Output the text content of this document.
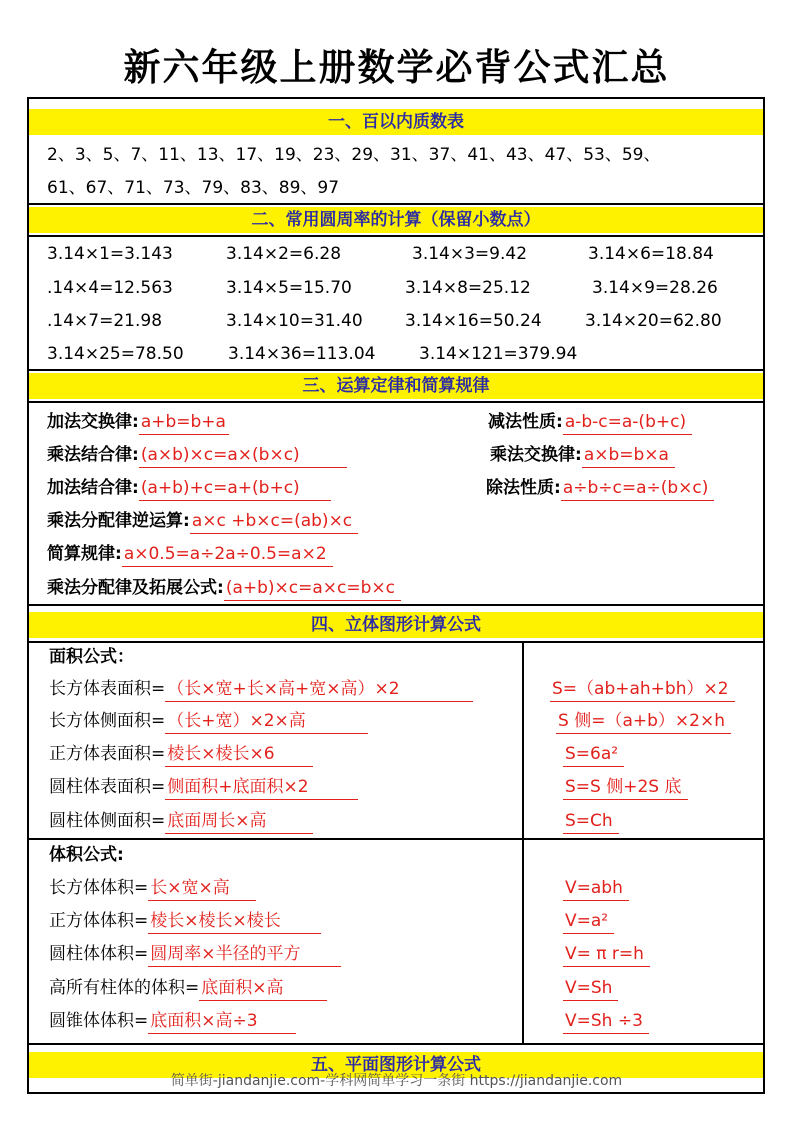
新六年级上册数学必背公式汇总
一、百以内质数表
2、3、5、7、11、13、17、19、23、29、31、37、41、43、47、53、59、
61、67、71、73、79、83、89、97
二、常用圆周率的计算（保留小数点）
3.14×1=3.143	3.14×2=6.28	3.14×3=9.42	3.14×6=18.84
.14×4=12.563	3.14×5=15.70	3.14×8=25.12	3.14×9=28.26
.14×7=21.98	3.14×10=31.40 3.14×16=50.24	3.14×20=62.80
3.14×25=78.50	3.14×36=113.04	3.14×121=379.94
三、运算定律和简算规律
加法交换律: a+b=b+a	减法性质: a-b-c=a-(b+c)
乘法结合律: (a×b)×c=a×(b×c)	乘法交换律: a×b=b×a
加法结合律: (a+b)+c=a+(b+c)	除法性质: a÷b÷c=a÷(b×c)
乘法分配律逆运算: a×c +b×c=(ab)×c
简算规律: a×0.5=a÷2a÷0.5=a×2
乘法分配律及拓展公式: (a+b)×c=a×c=b×c
四、立体图形计算公式
面积公式：
长方体表面积= （长×宽+长×高+宽×高）×2	S=（ab+ah+bh）×2
长方体侧面积= （长+宽）×2×高	S 侧=（a+b）×2×h
正方体表面积= 棱长×棱长×6	S=6a²
圆柱体表面积= 侧面积+底面积×2	S=S 侧+2S 底
圆柱体侧面积= 底面周长×高	S=Ch
体积公式:
长方体体积= 长×宽×高	V=abh
正方体体积= 棱长×棱长×棱长	V=a²
圆柱体体积= 圆周率×半径的平方	V= π r=h
高所有柱体的体积= 底面积×高	V=Sh
圆锥体体积= 底面积×高÷3	V=Sh ÷3
五、平面图形计算公式
简单街-jiandanjie.com-学科网简单学习一条街 https://jiandanjie.com
